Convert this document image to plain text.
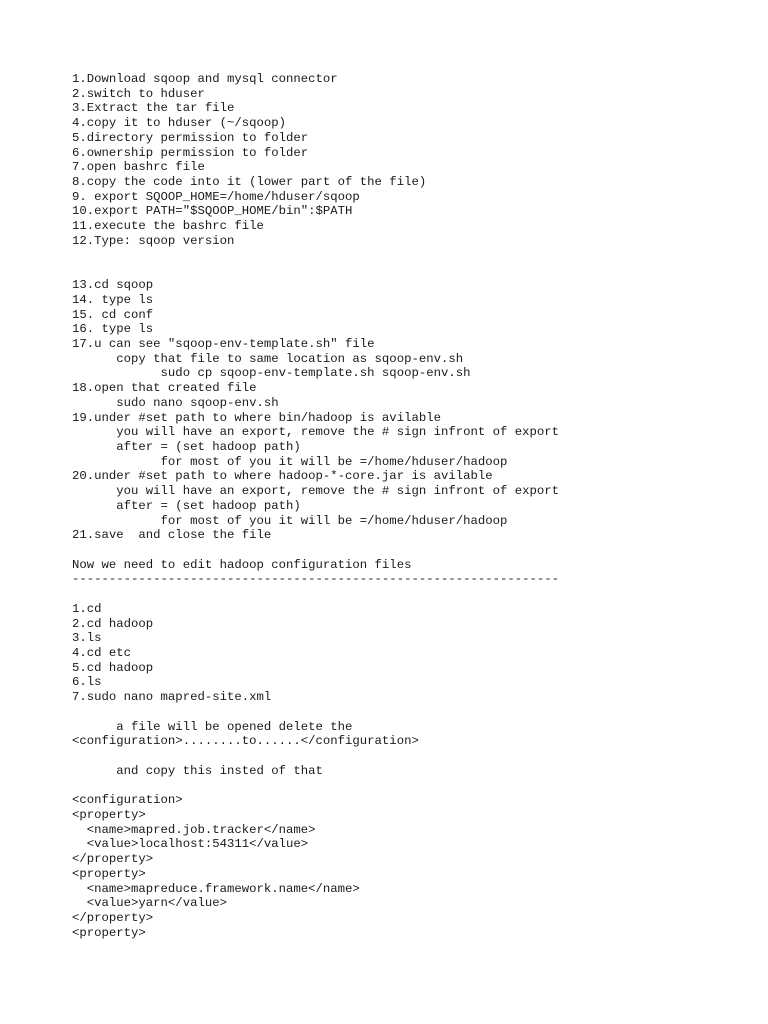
1.Download sqoop and mysql connector
2.switch to hduser
3.Extract the tar file
4.copy it to hduser (~/sqoop)
5.directory permission to folder
6.ownership permission to folder
7.open bashrc file
8.copy the code into it (lower part of the file)
9. export SQOOP_HOME=/home/hduser/sqoop
10.export PATH="$SQOOP_HOME/bin":$PATH
11.execute the bashrc file
12.Type: sqoop version
13.cd sqoop
14. type ls
15. cd conf
16. type ls
17.u can see "sqoop-env-template.sh" file
copy that file to same location as sqoop-env.sh
sudo cp sqoop-env-template.sh sqoop-env.sh
18.open that created file
sudo nano sqoop-env.sh
19.under #set path to where bin/hadoop is avilable
you will have an export, remove the # sign infront of export
after = (set hadoop path)
for most of you it will be =/home/hduser/hadoop
20.under #set path to where hadoop-*-core.jar is avilable
you will have an export, remove the # sign infront of export
after = (set hadoop path)
for most of you it will be =/home/hduser/hadoop
21.save  and close the file
Now we need to edit hadoop configuration files
------------------------------------------------------------------
1.cd
2.cd hadoop
3.ls
4.cd etc
5.cd hadoop
6.ls
7.sudo nano mapred-site.xml
a file will be opened delete the
<configuration>........to......</configuration>
and copy this insted of that
<configuration>
<property>
<name>mapred.job.tracker</name>
<value>localhost:54311</value>
</property>
<property>
<name>mapreduce.framework.name</name>
<value>yarn</value>
</property>
<property>
